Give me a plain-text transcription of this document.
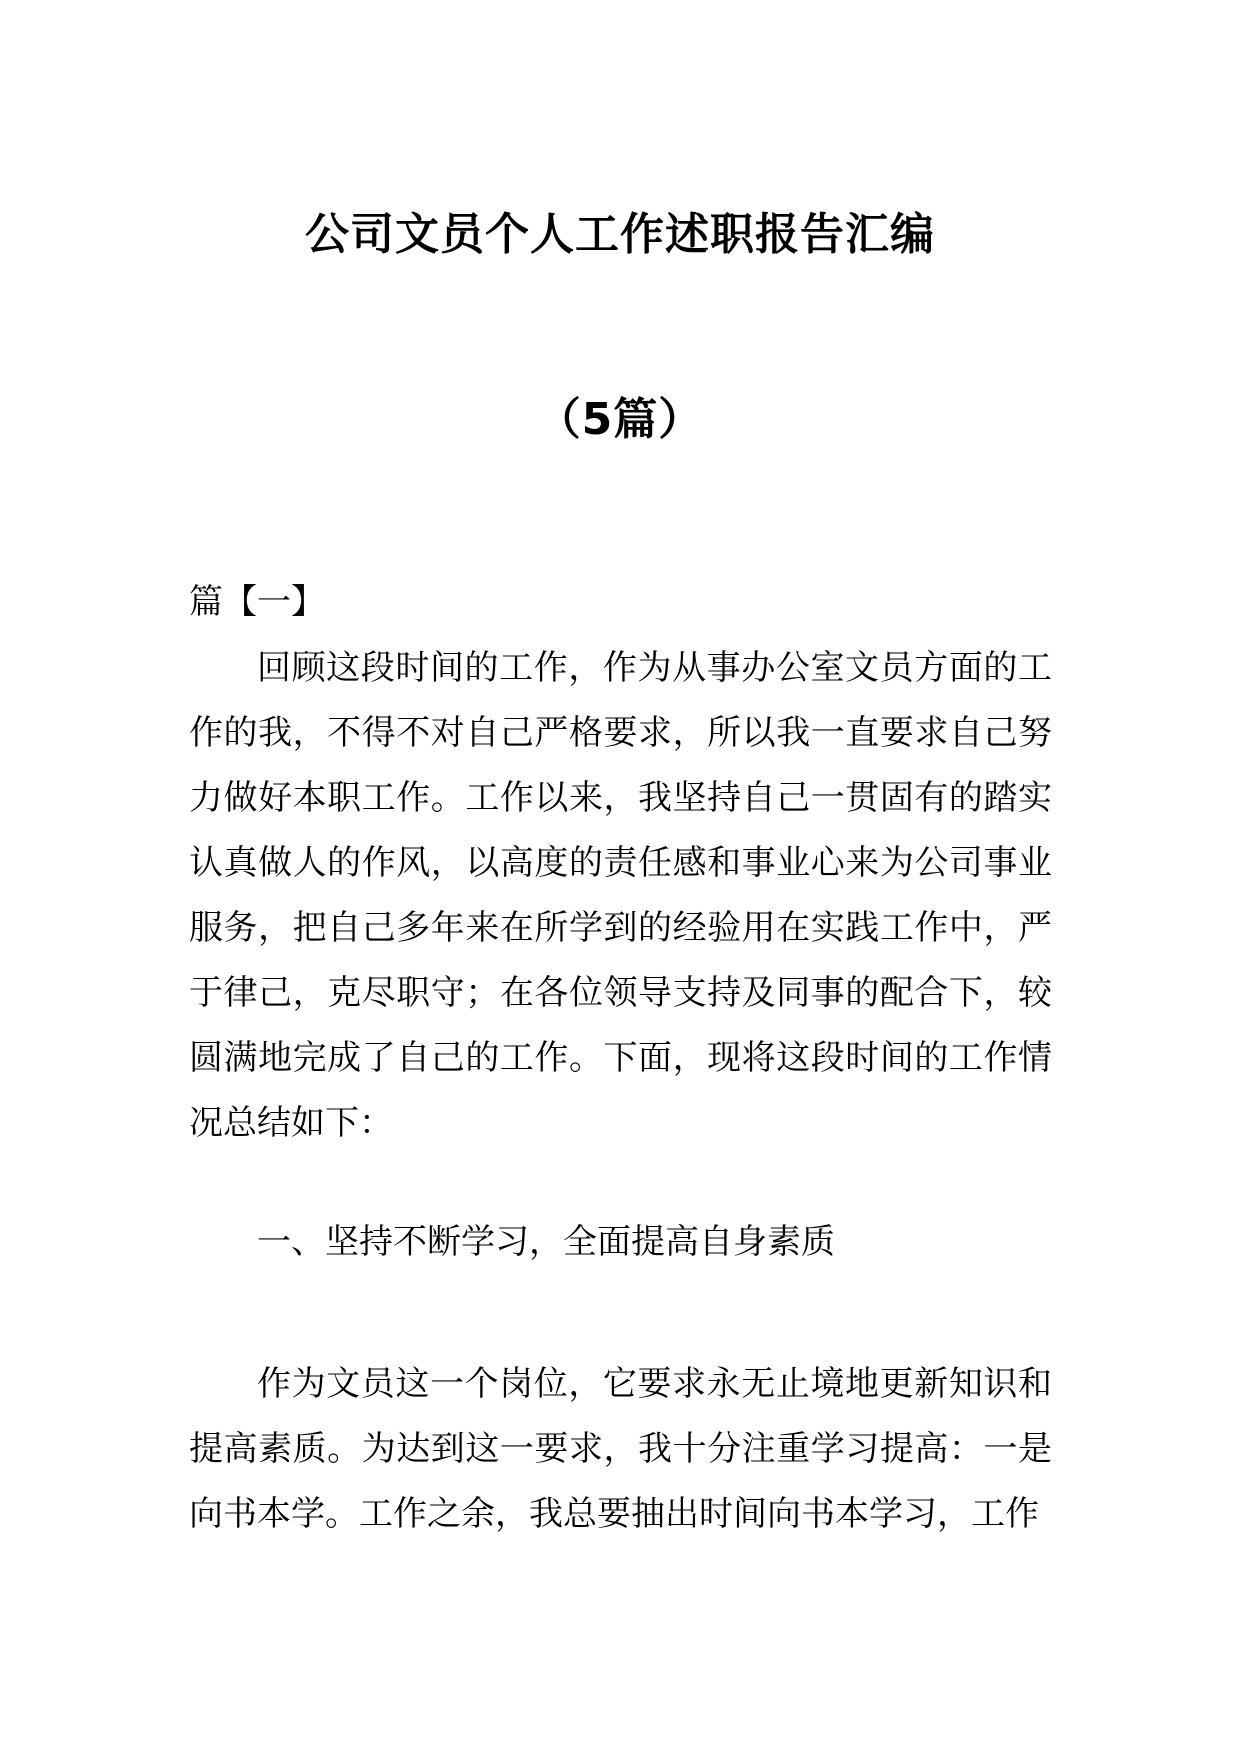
公司文员个人工作述职报告汇编
（5篇）
篇【一】
回顾这段时间的工作，作为从事办公室文员方面的工作的我，不得不对自己严格要求，所以我一直要求自己努力做好本职工作。工作以来，我坚持自己一贯固有的踏实认真做人的作风，以高度的责任感和事业心来为公司事业服务，把自己多年来在所学到的经验用在实践工作中，严于律己，克尽职守；在各位领导支持及同事的配合下，较圆满地完成了自己的工作。下面，现将这段时间的工作情况总结如下：
一、坚持不断学习，全面提高自身素质
作为文员这一个岗位，它要求永无止境地更新知识和提高素质。为达到这一要求，我十分注重学习提高：一是向书本学。工作之余，我总要抽出时间向书本学习，工作
